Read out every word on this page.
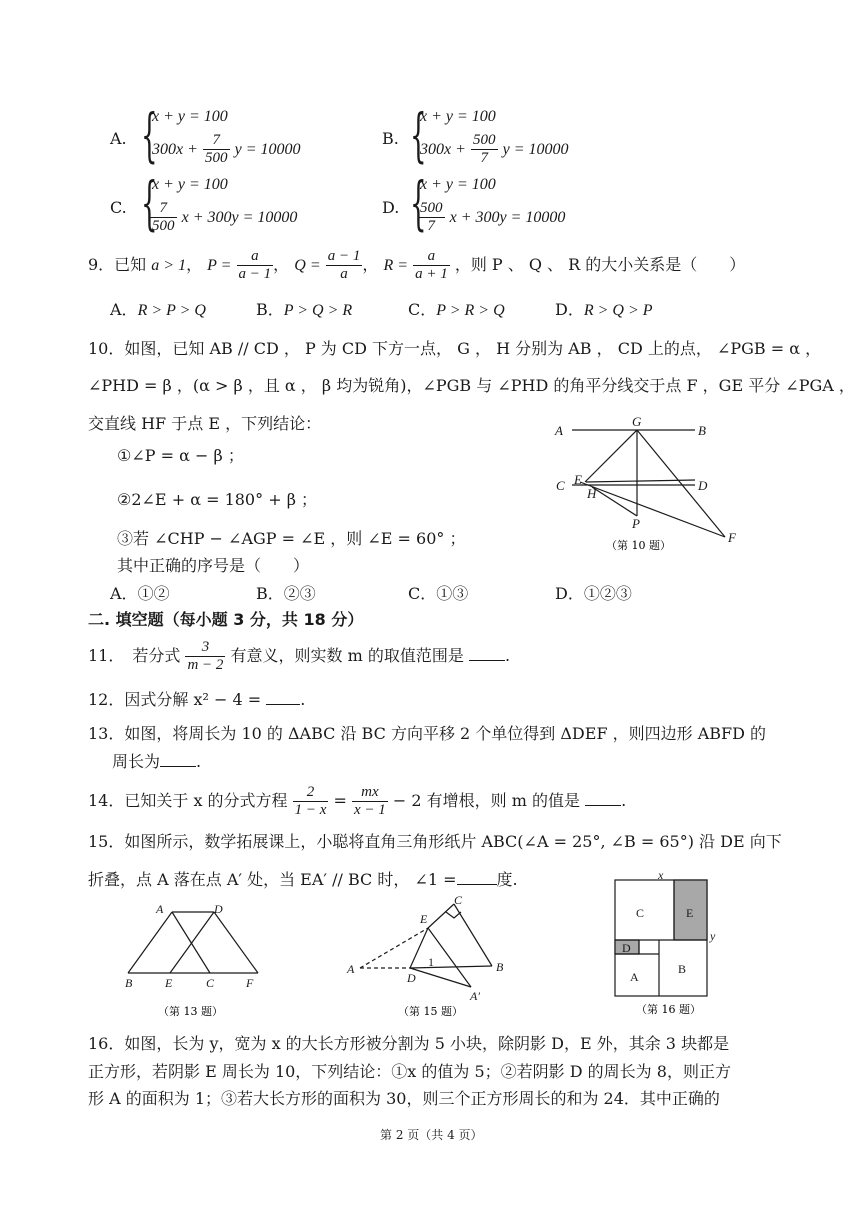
A. {
x + y = 100
$300x + \frac{7}{500}$ y = 10000
B. {
x + y = 100
$300x + \frac{500}{7}$ y = 10000
C. {
x + y = 100
$\frac{7}{500}$ x + 300y = 10000
D. {
x + y = 100
$\frac{500}{7}$ x + 300y = 10000
9．已知 a > 1， $P = \frac{a}{a - 1}$ ， $Q = \frac{a - 1}{a}$ ， $R = \frac{a}{a + 1}$ ，则 P 、 Q 、 R 的大小关系是（　　）
A．R > P > Q	B．P > Q > R	C．P > R > Q	D．R > Q > P
10．如图，已知 AB // CD ， P 为 CD 下方一点， G ， H 分别为 AB ， CD 上的点， ∠PGB = α ，
∠PHD = β ，(α > β ，且 α ， β 均为锐角)，∠PGB 与 ∠PHD 的角平分线交于点 F ，GE 平分 ∠PGA ，
交直线 HF 于点 E ，下列结论：
①∠P = α − β ；
②2∠E + α = 180° + β ；
③若 ∠CHP − ∠AGP = ∠E ，则 ∠E = 60° ；
其中正确的序号是（　　）
A．①②	B．②③	C．①③	D．①②③
A	B
G
C E
H
D
P
F
（第 10 题）
二. 填空题（每小题 3 分，共 18 分）
11．　若分式 $\frac{3}{m - 2}$ 有意义，则实数 m 的取值范围是	.
12．因式分解 x² − 4 = .
13．如图，将周长为 10 的 ΔABC 沿 BC 方向平移 2 个单位得到 ΔDEF ，则四边形 ABFD 的
周长为 .
14．已知关于 x 的分式方程 $\frac{2}{1 - x} = \frac{mx}{x - 1} - 2$ 有增根，则 m 的值是	.
15．如图所示，数学拓展课上，小聪将直角三角形纸片 ABC(∠A = 25°, ∠B = 65°) 沿 DE 向下
折叠，点 A 落在点 A′ 处，当 EA′ // BC 时， ∠1 =	度.
A	D
B	E	C	F
（第 13 题）
A
E
C
D
1	B
A′
（第 15 题）
x
y
C	E
D
A
B
（第 16 题）
16．如图，长为 y，宽为 x 的大长方形被分割为 5 小块，除阴影 D，E 外，其余 3 块都是
正方形，若阴影 E 周长为 10，下列结论：①x 的值为 5；②若阴影 D 的周长为 8，则正方
形 A 的面积为 1；③若大长方形的面积为 30，则三个正方形周长的和为 24．其中正确的
第 2 页（共 4 页）
